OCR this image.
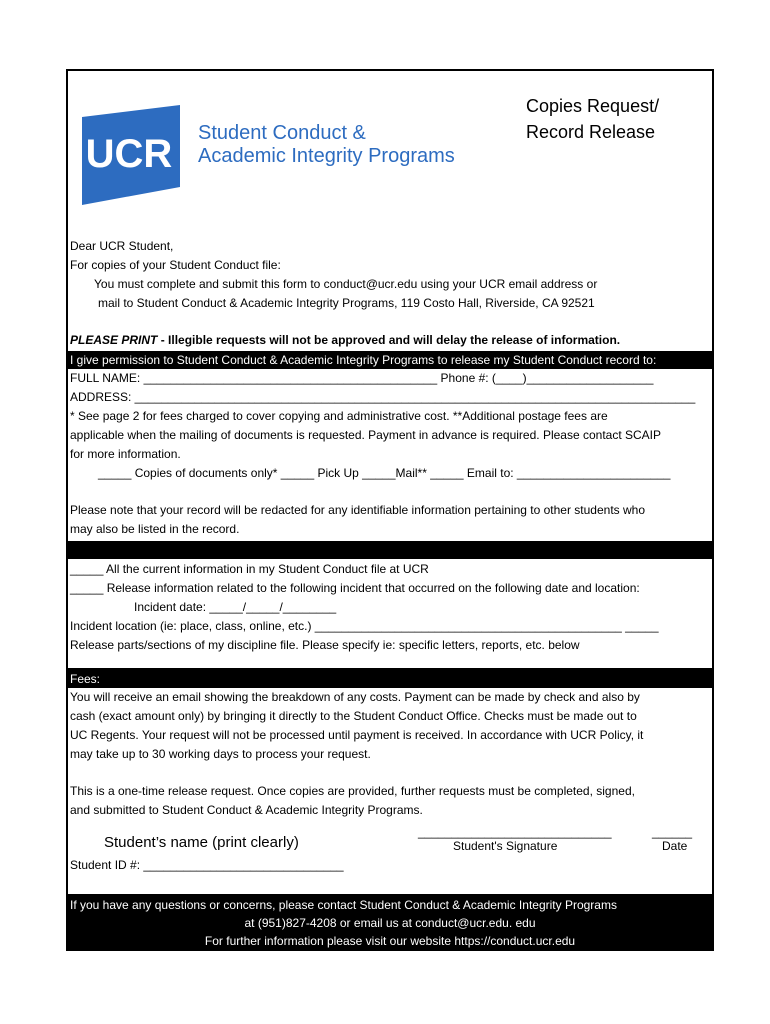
UCR Student Conduct &
Academic Integrity Programs
Copies Request/
Record Release
Dear UCR Student,
For copies of your Student Conduct file:
You must complete and submit this form to conduct@ucr.edu using your UCR email address or
mail to Student Conduct & Academic Integrity Programs, 119 Costo Hall, Riverside, CA 92521
PLEASE PRINT - Illegible requests will not be approved and will delay the release of information.
I give permission to Student Conduct & Academic Integrity Programs to release my Student Conduct record to:
FULL NAME: ____________________________________________ Phone #: (____)___________________
ADDRESS: ____________________________________________________________________________________
* See page 2 for fees charged to cover copying and administrative cost. **Additional postage fees are
applicable when the mailing of documents is requested. Payment in advance is required. Please contact SCAIP
for more information.
_____ Copies of documents only* _____ Pick Up _____Mail** _____ Email to: _______________________
Please note that your record will be redacted for any identifiable information pertaining to other students who
may also be listed in the record.
_____ All the current information in my Student Conduct file at UCR
_____ Release information related to the following incident that occurred on the following date and location:
Incident date: _____/_____/________
Incident location (ie: place, class, online, etc.) ______________________________________________ _____
Release parts/sections of my discipline file. Please specify ie: specific letters, reports, etc. below
Fees:
You will receive an email showing the breakdown of any costs. Payment can be made by check and also by
cash (exact amount only) by bringing it directly to the Student Conduct Office. Checks must be made out to
UC Regents. Your request will not be processed until payment is received. In accordance with UCR Policy, it
may take up to 30 working days to process your request.
This is a one-time release request. Once copies are provided, further requests must be completed, signed,
and submitted to Student Conduct & Academic Integrity Programs.
Student’s name (print clearly)
_____________________________
Student's Signature
______
Date
Student ID #: ______________________________
If you have any questions or concerns, please contact Student Conduct & Academic Integrity Programs
at (951)827-4208 or email us at conduct@ucr.edu. edu
For further information please visit our website https://conduct.ucr.edu
